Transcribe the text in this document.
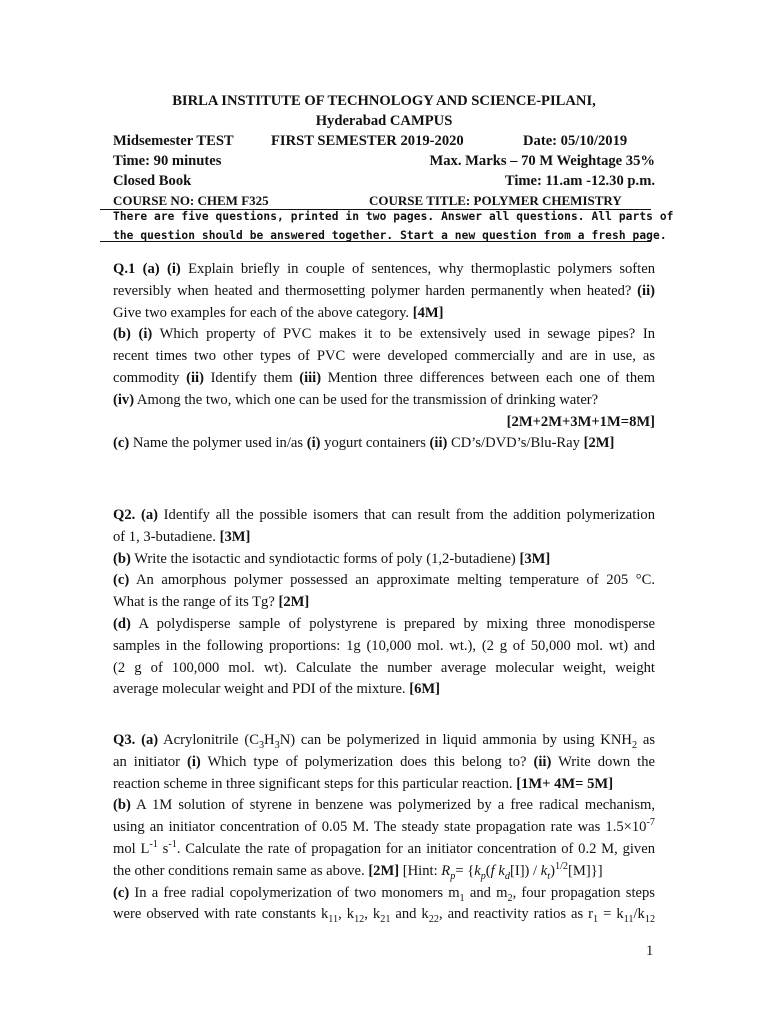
BIRLA INSTITUTE OF TECHNOLOGY AND SCIENCE-PILANI,
Hyderabad CAMPUS
Midsemester TEST	FIRST SEMESTER 2019-2020	Date: 05/10/2019
Time: 90 minutes	Max. Marks – 70 M Weightage 35%
Closed Book	Time: 11.am -12.30 p.m.
COURSE NO: CHEM F325	COURSE TITLE: POLYMER CHEMISTRY
There are five questions, printed in two pages. Answer all questions. All parts of
the question should be answered together. Start a new question from a fresh page.
Q.1 (a) (i) Explain briefly in couple of sentences, why thermoplastic polymers soften
reversibly when heated and thermosetting polymer harden permanently when heated? (ii)
Give two examples for each of the above category. [4M]
(b) (i) Which property of PVC makes it to be extensively used in sewage pipes? In
recent times two other types of PVC were developed commercially and are in use, as
commodity (ii) Identify them (iii) Mention three differences between each one of them
(iv) Among the two, which one can be used for the transmission of drinking water?
[2M+2M+3M+1M=8M]
(c) Name the polymer used in/as (i) yogurt containers (ii) CD’s/DVD’s/Blu-Ray [2M]
Q2. (a) Identify all the possible isomers that can result from the addition polymerization
of 1, 3-butadiene. [3M]
(b) Write the isotactic and syndiotactic forms of poly (1,2-butadiene) [3M]
(c) An amorphous polymer possessed an approximate melting temperature of 205 °C.
What is the range of its Tg? [2M]
(d) A polydisperse sample of polystyrene is prepared by mixing three monodisperse
samples in the following proportions: 1g (10,000 mol. wt.), (2 g of 50,000 mol. wt) and
(2 g of 100,000 mol. wt). Calculate the number average molecular weight, weight
average molecular weight and PDI of the mixture. [6M]
Q3. (a) Acrylonitrile $(C_3H_3N)$ can be polymerized in liquid ammonia by using $KNH_2$ as
an initiator (i) Which type of polymerization does this belong to? (ii) Write down the
reaction scheme in three significant steps for this particular reaction. [1M+ 4M= 5M]
(b) A 1M solution of styrene in benzene was polymerized by a free radical mechanism,
using an initiator concentration of 0.05 M. The steady state propagation rate was $1.5\times 10^{-7}$
mol $L^{-1}$ $s^{-1}$. Calculate the rate of propagation for an initiator concentration of 0.2 M, given
the other conditions remain same as above. [2M] [Hint: $R_p= \{k_p(f$ $k_d[I]) / k_t)^{1/2}[M]$}]
(c) In a free radial copolymerization of two monomers $m_1$ and $m_2$, four propagation steps
were observed with rate constants $k_{11}$, $k_{12}$, $k_{21}$ and $k_{22}$, and reactivity ratios as $r_1 = k_{11}/k_{12}$
1
